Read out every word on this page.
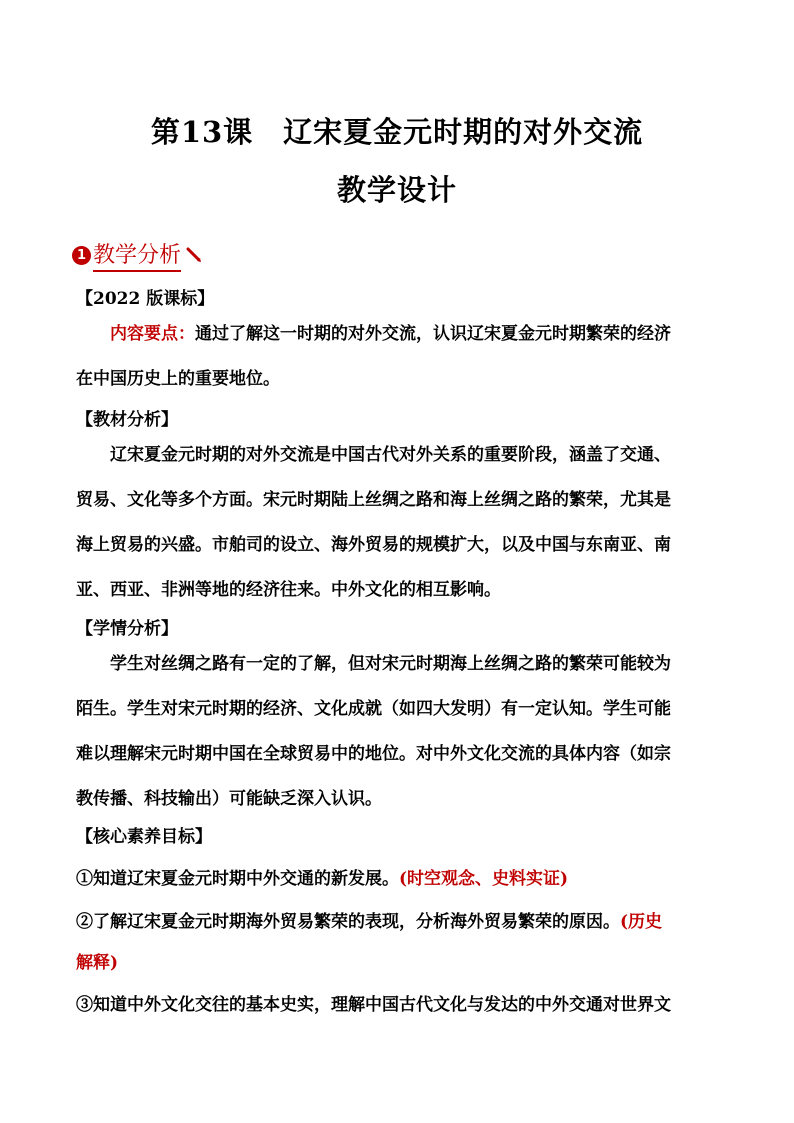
第13课　辽宋夏金元时期的对外交流
教学设计
1 教学分析
【2022 版课标】
内容要点：通过了解这一时期的对外交流，认识辽宋夏金元时期繁荣的经济
在中国历史上的重要地位。
【教材分析】
辽宋夏金元时期的对外交流是中国古代对外关系的重要阶段，涵盖了交通、
贸易、文化等多个方面。宋元时期陆上丝绸之路和海上丝绸之路的繁荣，尤其是
海上贸易的兴盛。市舶司的设立、海外贸易的规模扩大，以及中国与东南亚、南
亚、西亚、非洲等地的经济往来。中外文化的相互影响。
【学情分析】
学生对丝绸之路有一定的了解，但对宋元时期海上丝绸之路的繁荣可能较为
陌生。学生对宋元时期的经济、文化成就（如四大发明）有一定认知。学生可能
难以理解宋元时期中国在全球贸易中的地位。对中外文化交流的具体内容（如宗
教传播、科技输出）可能缺乏深入认识。
【核心素养目标】
①知道辽宋夏金元时期中外交通的新发展。(时空观念、史料实证)
②了解辽宋夏金元时期海外贸易繁荣的表现，分析海外贸易繁荣的原因。(历史
解释)
③知道中外文化交往的基本史实，理解中国古代文化与发达的中外交通对世界文
